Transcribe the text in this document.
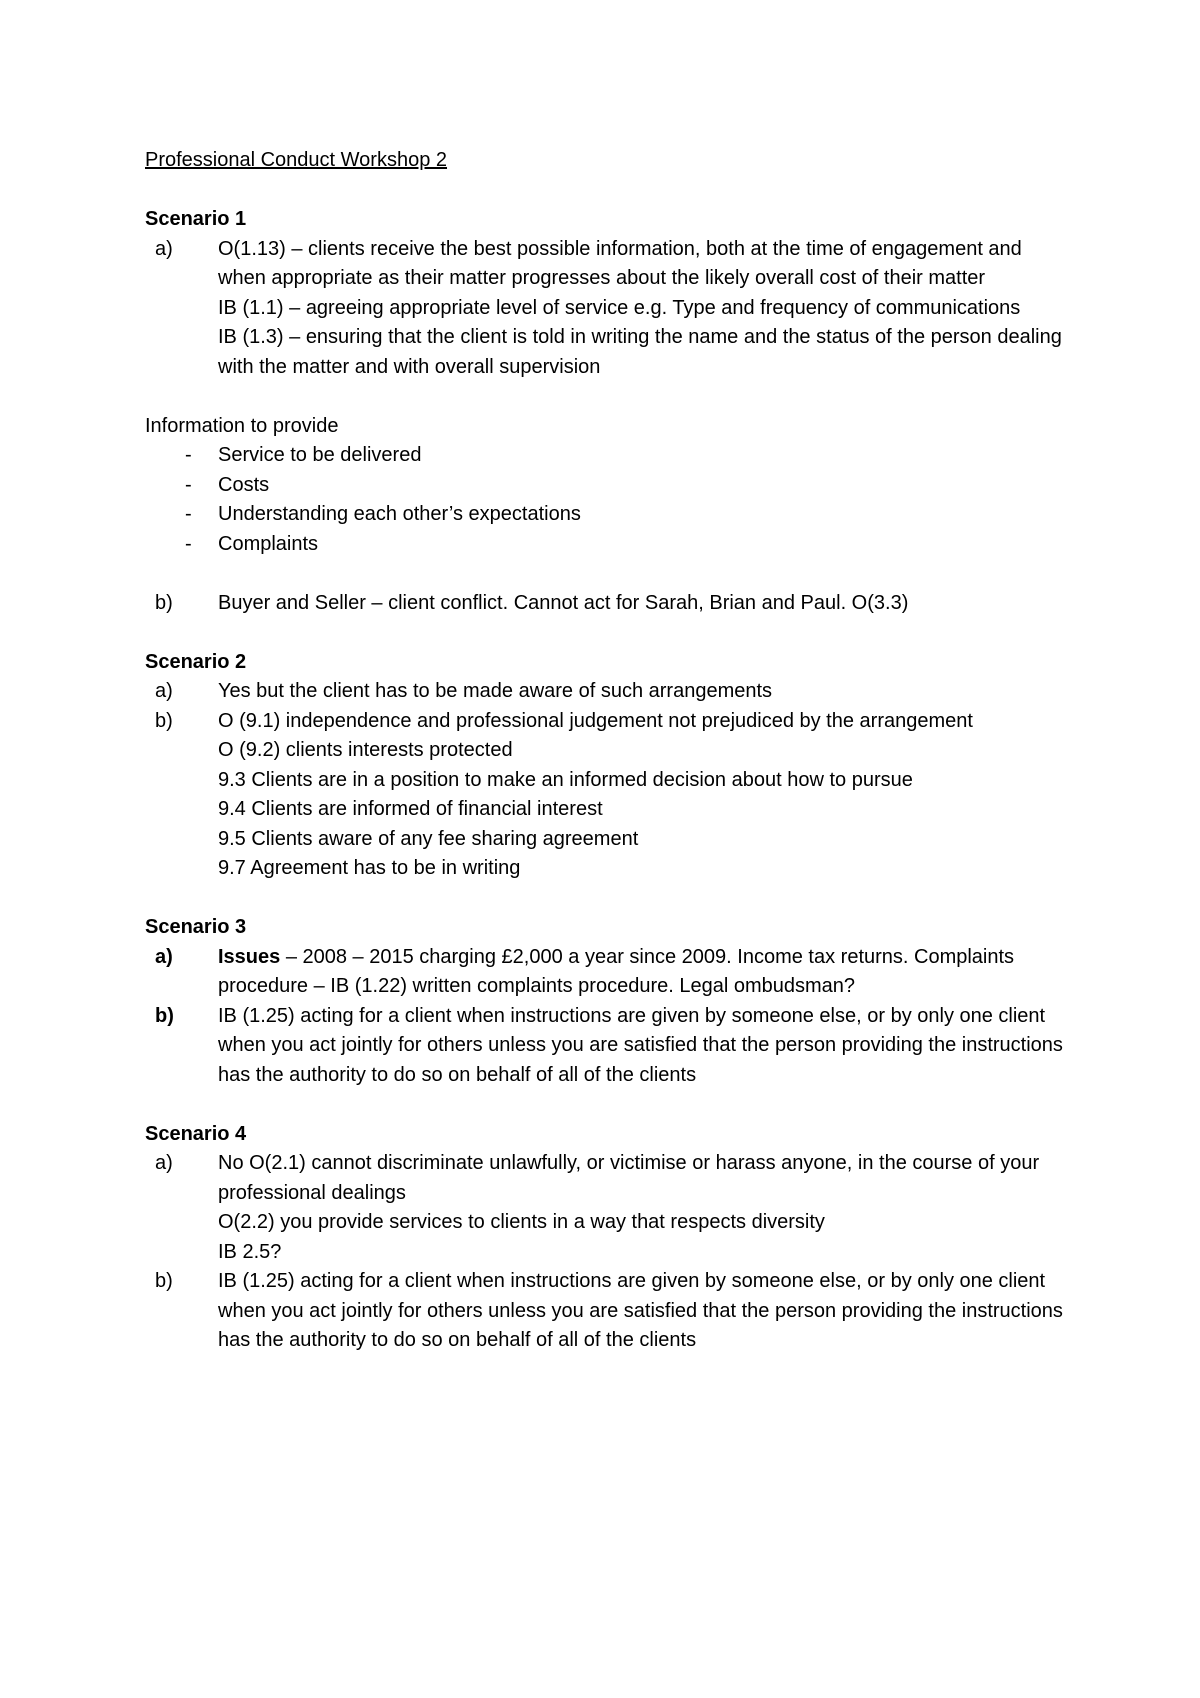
Professional Conduct Workshop 2
Scenario 1
a)	O(1.13) – clients receive the best possible information, both at the time of engagement and when appropriate as their matter progresses about the likely overall cost of their matter
IB (1.1) – agreeing appropriate level of service e.g. Type and frequency of communications
IB (1.3) – ensuring that the client is told in writing the name and the status of the person dealing with the matter and with overall supervision
Information to provide
-	Service to be delivered
-	Costs
-	Understanding each other’s expectations
-	Complaints
b)	Buyer and Seller – client conflict. Cannot act for Sarah, Brian and Paul. O(3.3)
Scenario 2
a)	Yes but the client has to be made aware of such arrangements
b)	O (9.1) independence and professional judgement not prejudiced by the arrangement
O (9.2) clients interests protected
9.3 Clients are in a position to make an informed decision about how to pursue
9.4 Clients are informed of financial interest
9.5 Clients aware of any fee sharing agreement
9.7 Agreement has to be in writing
Scenario 3
a)	Issues – 2008 – 2015 charging £2,000 a year since 2009. Income tax returns. Complaints procedure – IB (1.22) written complaints procedure. Legal ombudsman?
b)	IB (1.25) acting for a client when instructions are given by someone else, or by only one client when you act jointly for others unless you are satisfied that the person providing the instructions has the authority to do so on behalf of all of the clients
Scenario 4
a)	No O(2.1) cannot discriminate unlawfully, or victimise or harass anyone, in the course of your professional dealings
O(2.2) you provide services to clients in a way that respects diversity
IB 2.5?
b)	IB (1.25) acting for a client when instructions are given by someone else, or by only one client when you act jointly for others unless you are satisfied that the person providing the instructions has the authority to do so on behalf of all of the clients
